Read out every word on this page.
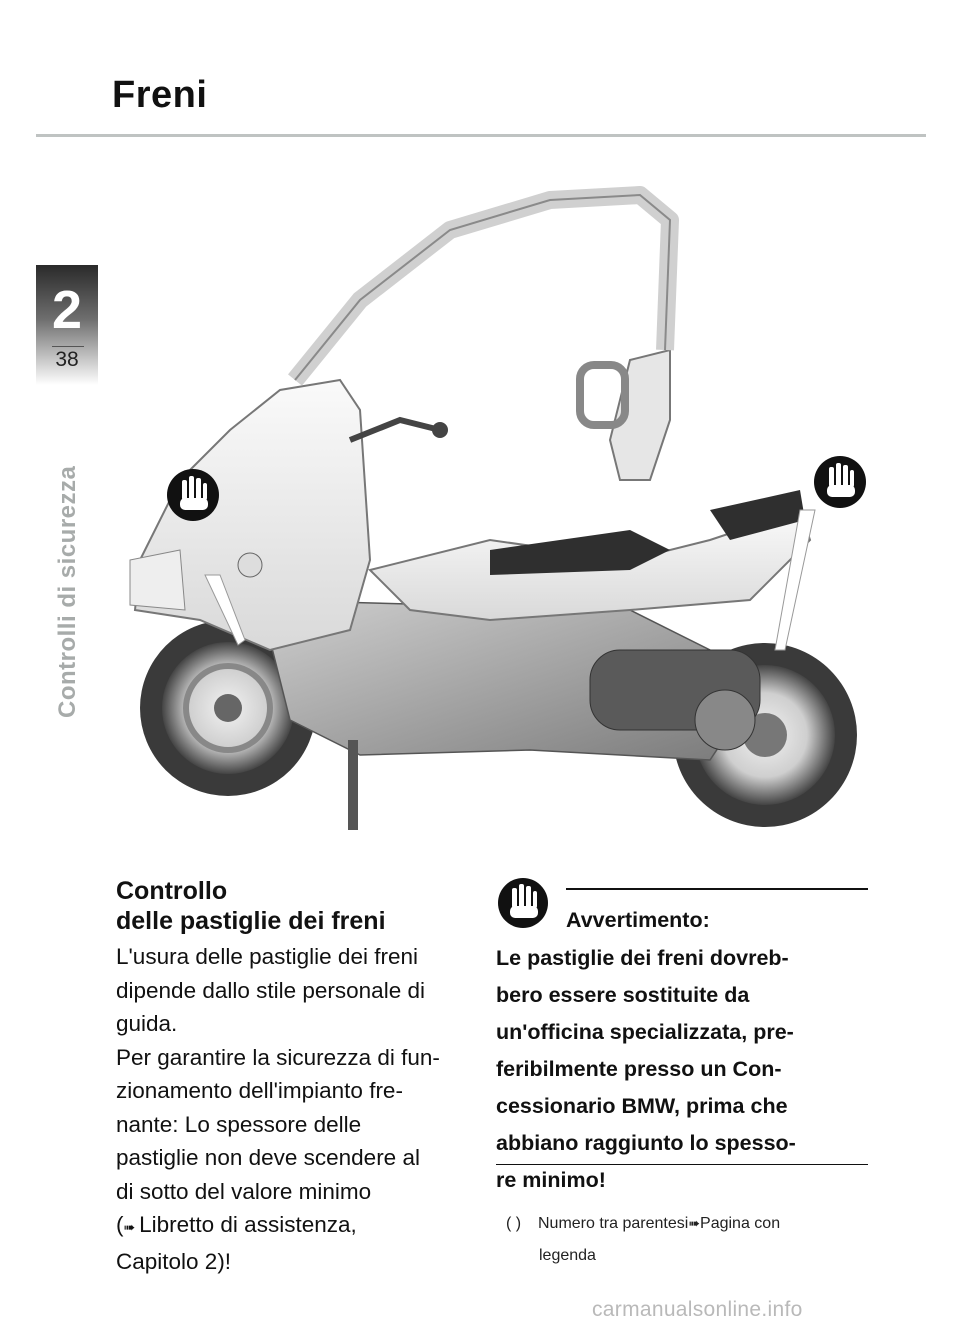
Freni
2
38
Controlli di sicurezza
Controllo
delle pastiglie dei freni
L'usura delle pastiglie dei freni
dipende dallo stile personale di
guida.
Per garantire la sicurezza di fun-
zionamento dell'impianto fre-
nante: Lo spessore delle
pastiglie non deve scendere al
di sotto del valore minimo
(➠ Libretto di assistenza,
Capitolo 2)!
Avvertimento:
Le pastiglie dei freni dovreb-
bero essere sostituite da
un'officina specializzata, pre-
feribilmente presso un Con-
cessionario BMW, prima che
abbiano raggiunto lo spesso-
re minimo!
( ) Numero tra parentesi➠Pagina con
legenda
carmanualsonline.info
